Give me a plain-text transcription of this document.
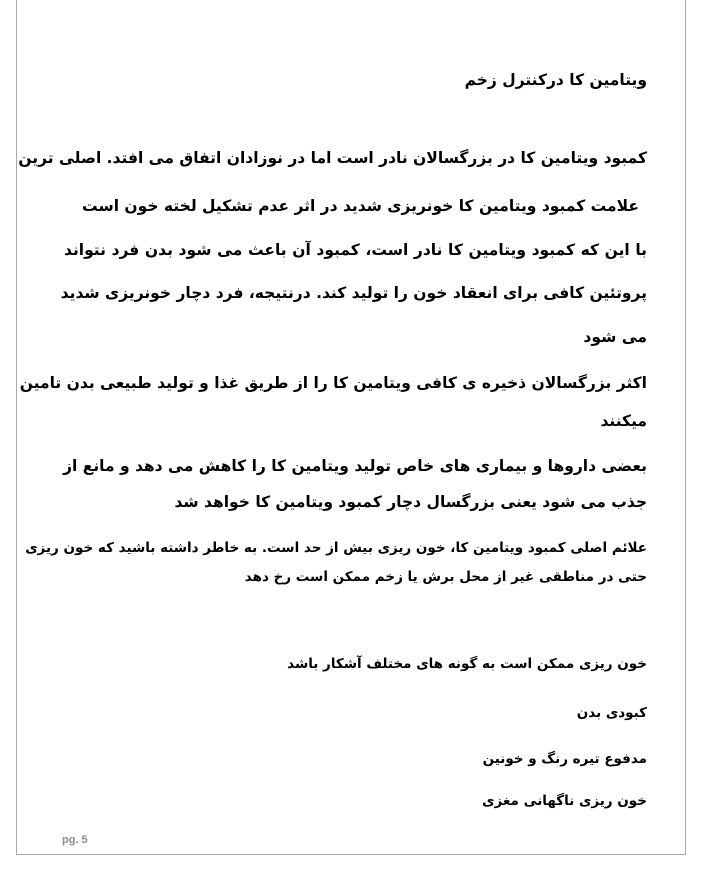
ویتامین کا درکنترل زخم
کمبود ویتامین کا در بزرگسالان نادر است اما در نوزادان اتفاق می افتد. اصلی ترین
علامت کمبود ویتامین کا خونریزی شدید در اثر عدم تشکیل لخته خون است
با این که کمبود ویتامین کا نادر است، کمبود آن باعث می شود بدن فرد نتواند
پروتئین کافی برای انعقاد خون را تولید کند. درنتیجه، فرد دچار خونریزی شدید
می شود
اکثر بزرگسالان ذخیره ی کافی ویتامین کا را از طریق غذا و تولید طبیعی بدن تامین
میکنند
بعضی داروها و بیماری های خاص تولید ویتامین کا را کاهش می دهد و مانع از
جذب می شود یعنی بزرگسال دچار کمبود ویتامین کا خواهد شد
علائم اصلی کمبود ویتامین کا، خون ریزی بیش از حد است. به خاطر داشته باشید که خون ریزی
حتی در مناطقی غیر از محل برش یا زخم ممکن است رخ دهد
خون ریزی ممکن است به گونه های مختلف آشکار باشد
کبودی بدن
مدفوع تیره رنگ و خونین
خون ریزی ناگهانی مغزی
pg. 5
